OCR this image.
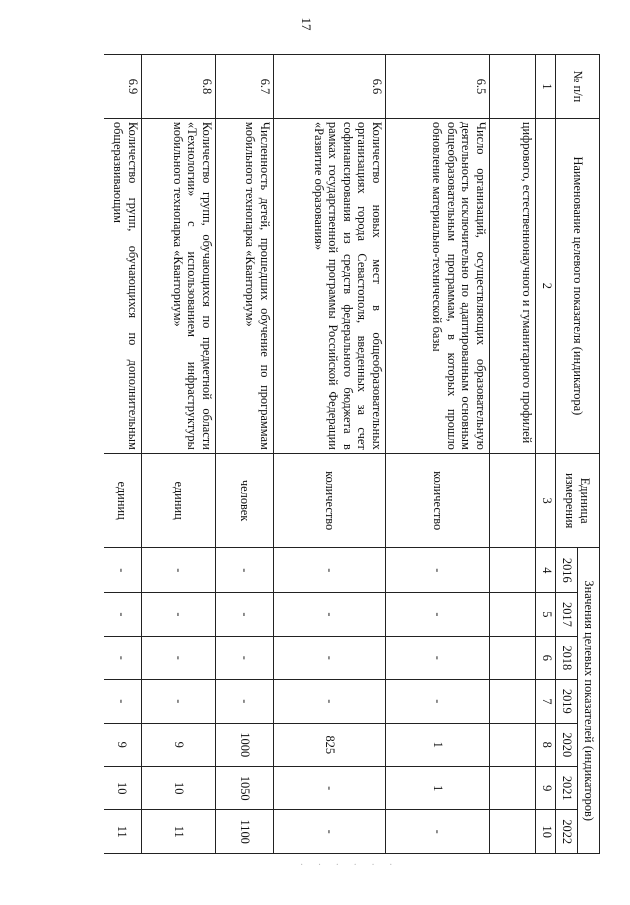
17
№ п/п	Наименование целевого показателя (индикатора)	Единица измерения	Значения целевых показателей (индикаторов)						
			2016	2017	2018	2019	2020	2021	2022
1	2	3	4	5	6	7	8	9	10
	цифрового, естественнонаучного и гуманитарного профилей								
6.5	Число организаций, осуществляющих образовательную деятельность исключительно по адаптированным основным общеобразовательным программам, в которых прошло обновление материально-технической базы	количество	-	-	-	-	1	1	-
6.6	Количество новых мест в общеобразовательных организациях города Севастополя, введенных за счет софинансирования из средств федерального бюджета в рамках государственной программы Российской Федерации «Развитие образования»	количество	-	-	-	-	825	-	-
6.7	Численность детей, прошедших обучение по программам мобильного технопарка «Кванториум»	человек	-	-	-	-	1000	1050	1100
6.8	Количество групп, обучающихся по предметной области «Технологии» с использованием инфраструктуры мобильного технопарка «Кванториум»	единиц	-	-	-	-	9	10	11
6.9	Количество групп, обучающихся по дополнительным общеразвивающим	единиц	-	-	-	-	9	10	11
· · · · · ·
